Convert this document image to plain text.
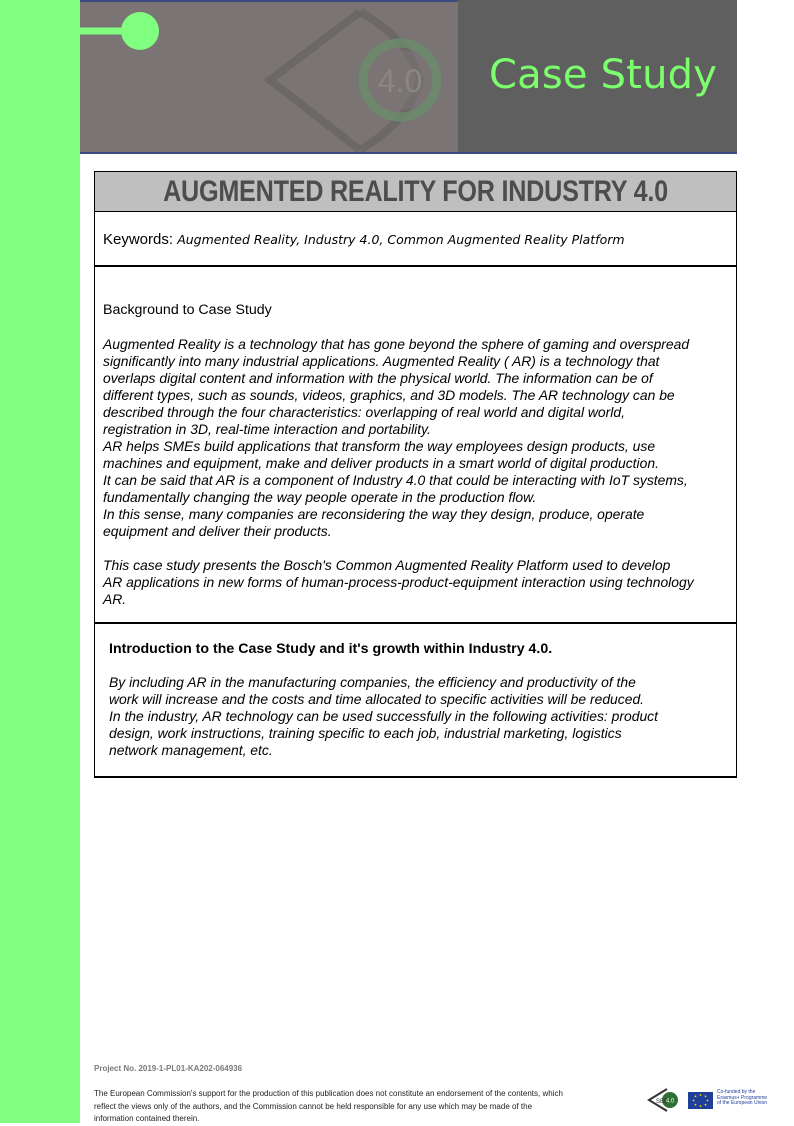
4.0 Case Study
AUGMENTED REALITY FOR INDUSTRY 4.0
Keywords: Augmented Reality, Industry 4.0, Common Augmented Reality Platform
Background to Case Study

Augmented Reality is a technology that has gone beyond the sphere of gaming and overspread
significantly into many industrial applications. Augmented Reality ( AR) is a technology that
overlaps digital content and information with the physical world. The information can be of
different types, such as sounds, videos, graphics, and 3D models. The AR technology can be
described through the four characteristics: overlapping of real world and digital world,
registration in 3D, real-time interaction and portability.
AR helps SMEs build applications that transform the way employees design products, use
machines and equipment, make and deliver products in a smart world of digital production.
It can be said that AR is a component of Industry 4.0 that could be interacting with IoT systems,
fundamentally changing the way people operate in the production flow.
In this sense, many companies are reconsidering the way they design, produce, operate
equipment and deliver their products.

This case study presents the Bosch's Common Augmented Reality Platform used to develop
AR applications in new forms of human-process-product-equipment interaction using technology
AR.

Introduction to the Case Study and it's growth within Industry 4.0.

By including AR in the manufacturing companies, the efficiency and productivity of the
work will increase and the costs and time allocated to specific activities will be reduced.
In the industry, AR technology can be used successfully in the following activities: product
design, work instructions, training specific to each job, industrial marketing, logistics
network management, etc.

Project No. 2019-1-PL01-KA202-064936

The European Commission's support for the production of this publication does not constitute an endorsement of the contents, which reflect the views only of the authors, and the Commission cannot be held responsible for any use which may be made of the information contained therein.

SEE
4.0

Co-funded by the
Erasmus+ Programme
of the European Union
